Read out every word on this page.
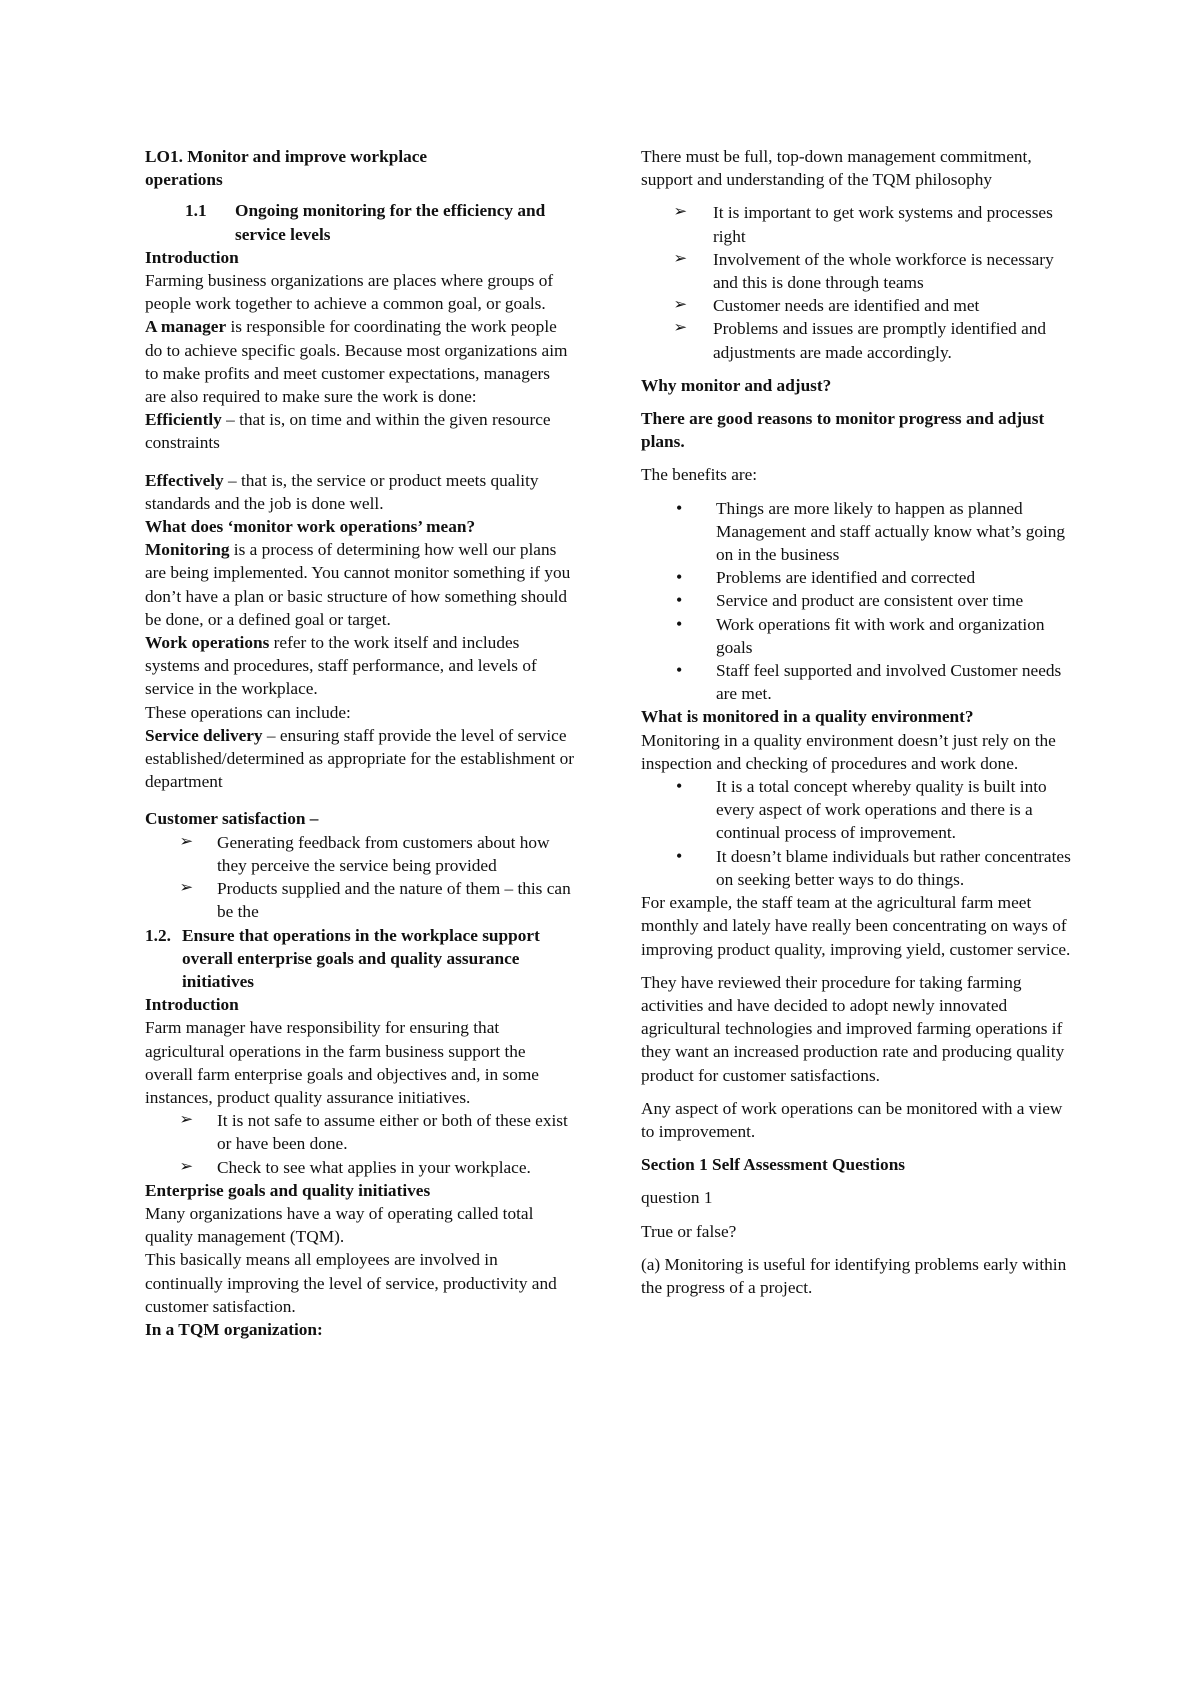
LO1. Monitor and improve workplace
operations

1.1	Ongoing monitoring for the efficiency and service levels

Introduction

Farming business organizations are places where groups of people work together to achieve a common goal, or goals.

A manager is responsible for coordinating the work people do to achieve specific goals. Because most organizations aim to make profits and meet customer expectations, managers are also required to make sure the work is done:

Efficiently – that is, on time and within the given resource constraints

Effectively – that is, the service or product meets quality standards and the job is done well.

What does ‘monitor work operations’ mean?

Monitoring is a process of determining how well our plans are being implemented. You cannot monitor something if you don’t have a plan or basic structure of how something should be done, or a defined goal or target.

Work operations refer to the work itself and includes systems and procedures, staff performance, and levels of service in the workplace.

These operations can include:

Service delivery – ensuring staff provide the level of service established/determined as appropriate for the establishment or department

Customer satisfaction –

➢	Generating feedback from customers about how they perceive the service being provided
➢	Products supplied and the nature of them – this can be the
1.2. Ensure that operations in the workplace support overall enterprise goals and quality assurance initiatives

Introduction

Farm manager have responsibility for ensuring that agricultural operations in the farm business support the overall farm enterprise goals and objectives and, in some instances, product quality assurance initiatives.

➢	It is not safe to assume either or both of these exist or have been done.
➢	Check to see what applies in your workplace.

Enterprise goals and quality initiatives

Many organizations have a way of operating called total quality management (TQM).

This basically means all employees are involved in continually improving the level of service, productivity and customer satisfaction.

In a TQM organization:

There must be full, top-down management commitment, support and understanding of the TQM philosophy

➢	It is important to get work systems and processes right
➢	Involvement of the whole workforce is necessary and this is done through teams
➢	Customer needs are identified and met
➢	Problems and issues are promptly identified and adjustments are made accordingly.

Why monitor and adjust?

There are good reasons to monitor progress and adjust plans.

The benefits are:

•	Things are more likely to happen as planned Management and staff actually know what’s going on in the business
•	Problems are identified and corrected
•	Service and product are consistent over time
•	Work operations fit with work and organization goals
•	Staff feel supported and involved Customer needs are met.

What is monitored in a quality environment?

Monitoring in a quality environment doesn’t just rely on the inspection and checking of procedures and work done.

•	It is a total concept whereby quality is built into every aspect of work operations and there is a continual process of improvement.
•	It doesn’t blame individuals but rather concentrates on seeking better ways to do things.

For example, the staff team at the agricultural farm meet monthly and lately have really been concentrating on ways of improving product quality, improving yield, customer service.

They have reviewed their procedure for taking farming activities and have decided to adopt newly innovated agricultural technologies and improved farming operations if they want an increased production rate and producing quality product for customer satisfactions.

Any aspect of work operations can be monitored with a view to improvement.

Section 1 Self Assessment Questions

question 1

True or false?

(a) Monitoring is useful for identifying problems early within the progress of a project.
